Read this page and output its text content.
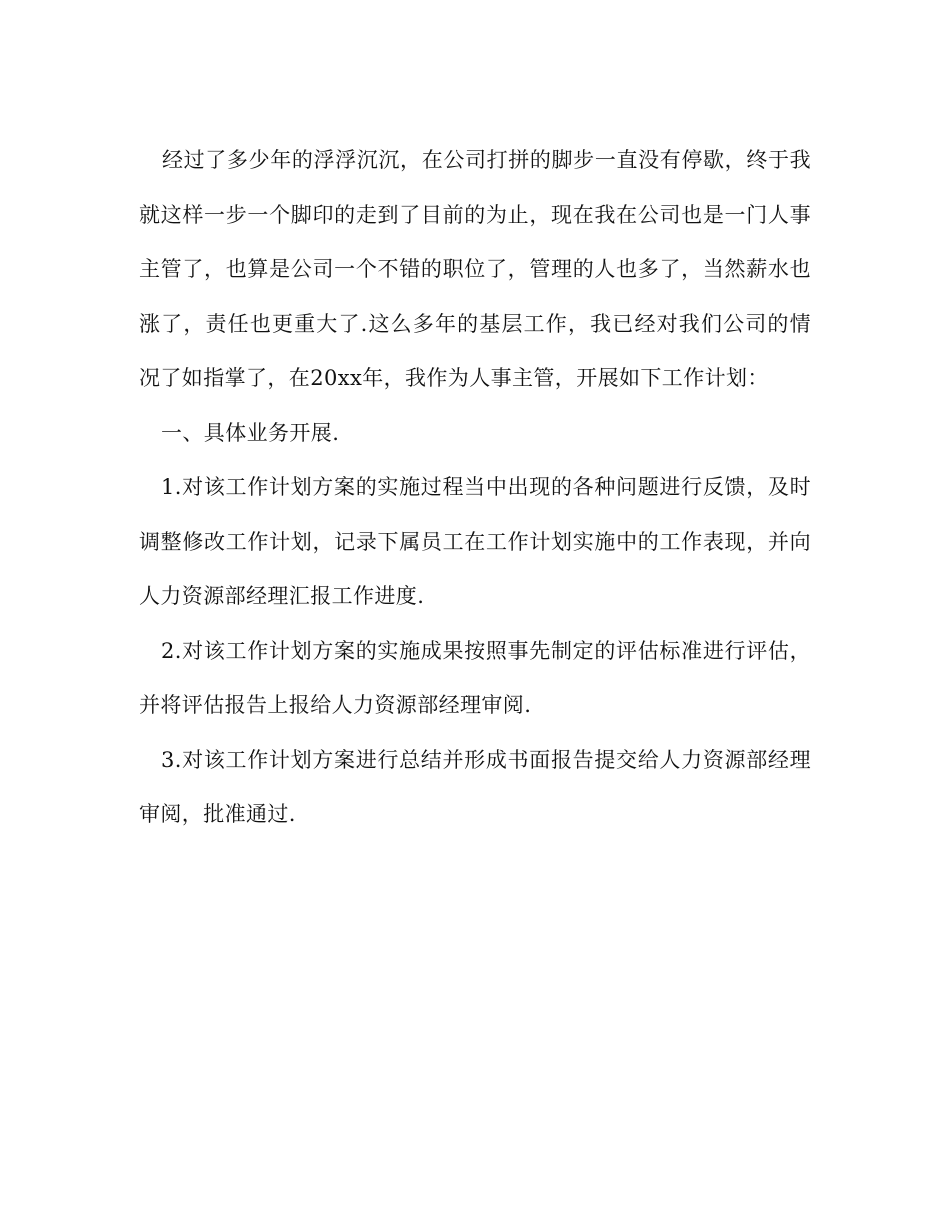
经过了多少年的浮浮沉沉，在公司打拼的脚步一直没有停歇，终于我
就这样一步一个脚印的走到了目前的为止，现在我在公司也是一门人事
主管了，也算是公司一个不错的职位了，管理的人也多了，当然薪水也
涨了，责任也更重大了.这么多年的基层工作，我已经对我们公司的情
况了如指掌了，在20xx年，我作为人事主管，开展如下工作计划：
一、具体业务开展.
1.对该工作计划方案的实施过程当中出现的各种问题进行反馈，及时
调整修改工作计划，记录下属员工在工作计划实施中的工作表现，并向
人力资源部经理汇报工作进度.
2.对该工作计划方案的实施成果按照事先制定的评估标准进行评估，
并将评估报告上报给人力资源部经理审阅.
3.对该工作计划方案进行总结并形成书面报告提交给人力资源部经理
审阅，批准通过.
